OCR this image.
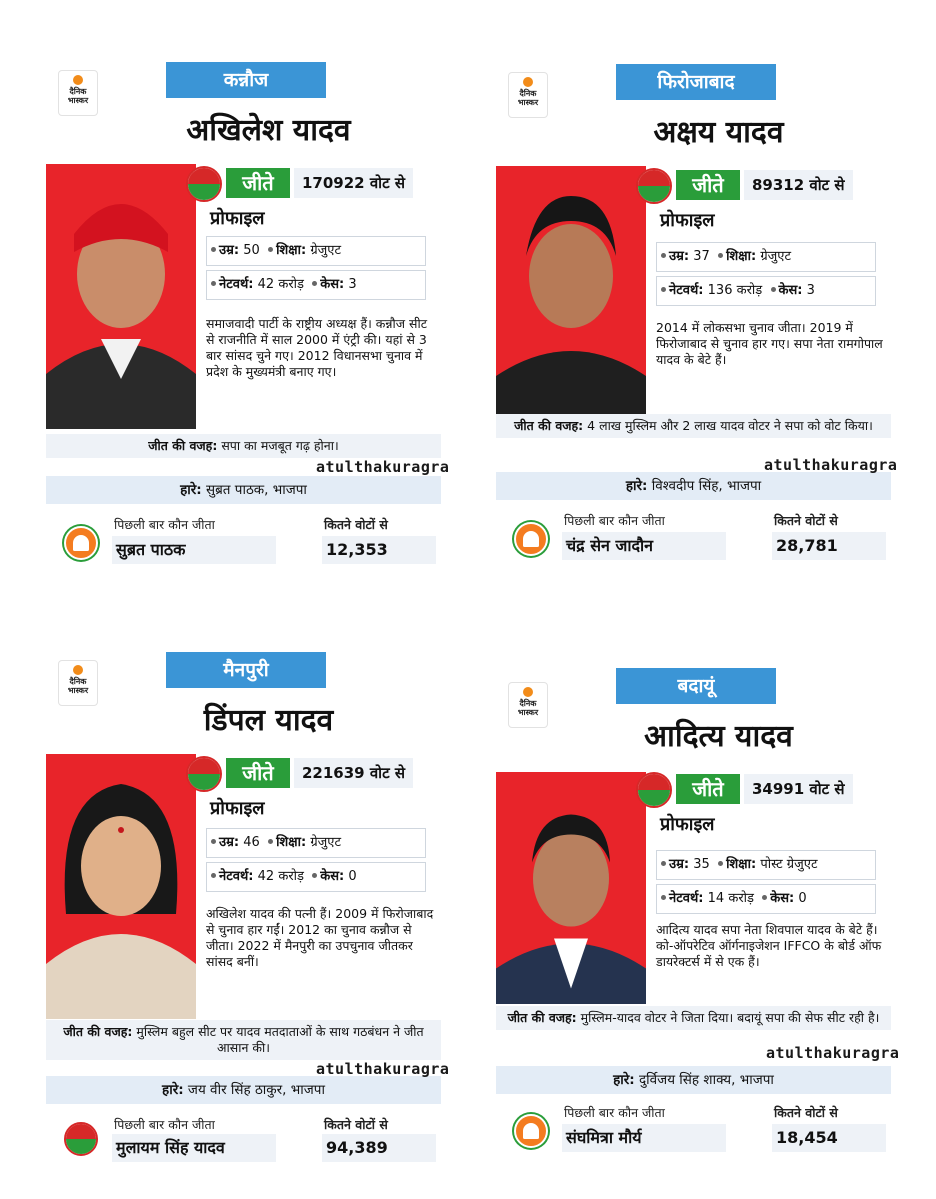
दैनिक
भास्कर
कन्नौज
अखिलेश यादव
जीते	170922 वोट से
प्रोफाइल
उम्र: 50 शिक्षा: ग्रेजुएट
नेटवर्थ: 42 करोड़ केस: 3
समाजवादी पार्टी के राष्ट्रीय अध्यक्ष हैं। कन्नौज सीट से राजनीति में साल 2000 में एंट्री की। यहां से 3 बार सांसद चुने गए। 2012 विधानसभा चुनाव में प्रदेश के मुख्यमंत्री बनाए गए।
जीत की वजह: सपा का मजबूत गढ़ होना।
हारे: सुब्रत पाठक, भाजपा
पिछली बार कौन जीता
सुब्रत पाठक
कितने वोटों से
12,353
atulthakuragra
दैनिक
भास्कर
फिरोजाबाद
अक्षय यादव
जीते	89312 वोट से
प्रोफाइल
उम्र: 37 शिक्षा: ग्रेजुएट
नेटवर्थ: 136 करोड़ केस: 3
2014 में लोकसभा चुनाव जीता। 2019 में फिरोजाबाद से चुनाव हार गए। सपा नेता रामगोपाल यादव के बेटे हैं।
जीत की वजह: 4 लाख मुस्लिम और 2 लाख यादव वोटर ने सपा को वोट किया।
हारे: विश्वदीप सिंह, भाजपा
पिछली बार कौन जीता
चंद्र सेन जादौन
कितने वोटों से
28,781
atulthakuragra
दैनिक
भास्कर
मैनपुरी
डिंपल यादव
जीते	221639 वोट से
प्रोफाइल
उम्र: 46 शिक्षा: ग्रेजुएट
नेटवर्थ: 42 करोड़ केस: 0
अखिलेश यादव की पत्नी हैं। 2009 में फिरोजाबाद से चुनाव हार गईं। 2012 का चुनाव कन्नौज से जीता। 2022 में मैनपुरी का उपचुनाव जीतकर सांसद बनीं।
जीत की वजह: मुस्लिम बहुल सीट पर यादव मतदाताओं के साथ गठबंधन ने जीत आसान की।
हारे: जय वीर सिंह ठाकुर, भाजपा
पिछली बार कौन जीता
मुलायम सिंह यादव
कितने वोटों से
94,389
atulthakuragra
दैनिक
भास्कर
बदायूं
आदित्य यादव
जीते	34991 वोट से
प्रोफाइल
उम्र: 35 शिक्षा: पोस्ट ग्रेजुएट
नेटवर्थ: 14 करोड़ केस: 0
आदित्य यादव सपा नेता शिवपाल यादव के बेटे हैं। को-ऑपरेटिव ऑर्गनाइजेशन IFFCO के बोर्ड ऑफ डायरेक्टर्स में से एक हैं।
जीत की वजह: मुस्लिम-यादव वोटर ने जिता दिया। बदायूं सपा की सेफ सीट रही है।
हारे: दुर्विजय सिंह शाक्य, भाजपा
पिछली बार कौन जीता
संघमित्रा मौर्य
कितने वोटों से
18,454
atulthakuragra
